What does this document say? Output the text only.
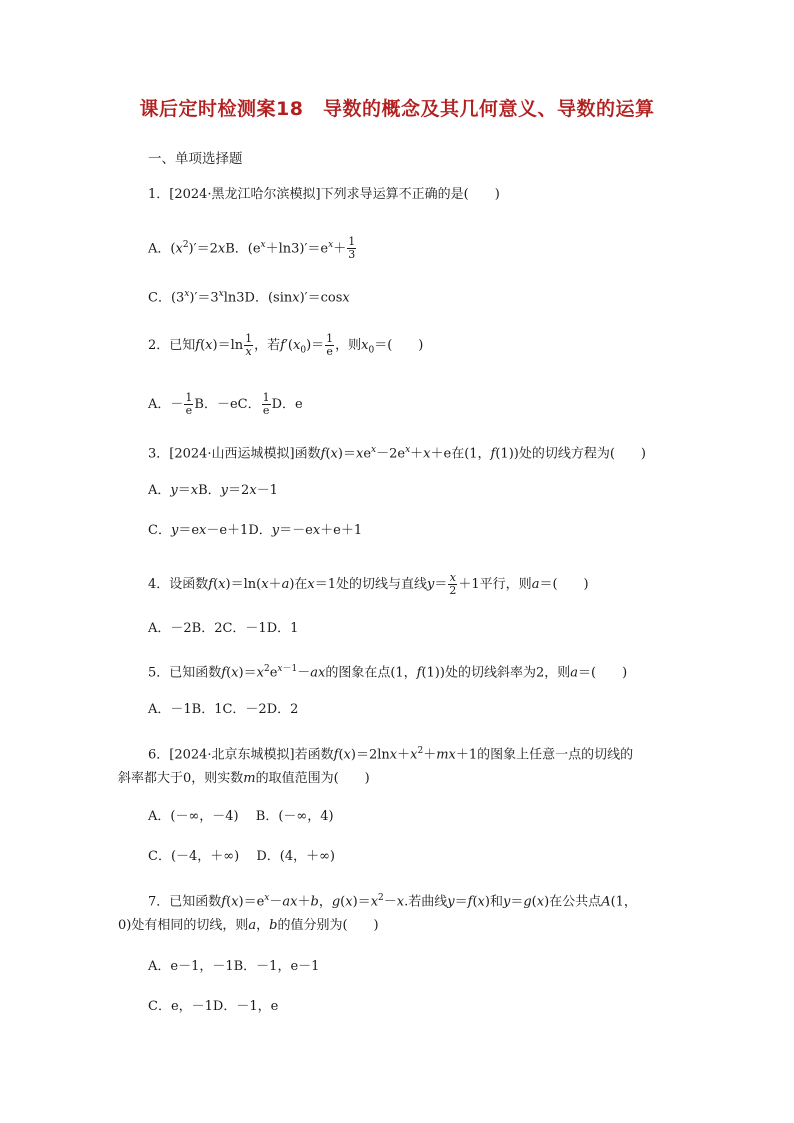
课后定时检测案18　导数的概念及其几何意义、导数的运算
一、单项选择题
1．[2024·黑龙江哈尔滨模拟]下列求导运算不正确的是(　　)
A．$(x^2)'=2xB$．$(e^x+\ln 3)'=e^x+ \frac{1}{3}$
C．$(3^x)'=3^x\ln 3D$．(sinx)′＝cosx
2．已知$f(x)=\ln \frac{1}{x}$ ，若$f'(x_0)= \frac{1}{e}$ ，则$x_0=$(　　)
A．－ $\frac{1}{e}$ B．－eC． $\frac{1}{e}$ D．e
3．[2024·山西运城模拟]函数$f(x)=xe^x-2e^x+x+e$在(1，f(1))处的切线方程为(　　)
A．y＝xB．y＝2x－1
C．y＝ex－e＋1D．y＝－ex＋e＋1
4．设函数f(x)＝ln(x＋a)在x＝1处的切线与直线$y= \frac{x}{2} +1$平行，则a＝(　　)
A．－2B．2C．－1D．1
5．已知函数$f(x)=x^2e^{x-1}-ax$的图象在点(1，f(1))处的切线斜率为2，则a＝(　　)
A．－1B．1C．－2D．2
6．[2024·北京东城模拟]若函数$f(x)=2\ln x+x^2+mx+1$的图象上任意一点的切线的
斜率都大于0，则实数m的取值范围为(　　)
A．(－∞，－4)　 B．(－∞，4)
C．(－4，＋∞)　 D．(4，＋∞)
7．已知函数$f(x)=e^x-ax+b$，$g(x)=x^2-x$.若曲线y＝f(x)和y＝g(x)在公共点A(1，
0)处有相同的切线，则a，b的值分别为(　　)
A．e－1，－1B．－1，e－1
C．e，－1D．－1，e
